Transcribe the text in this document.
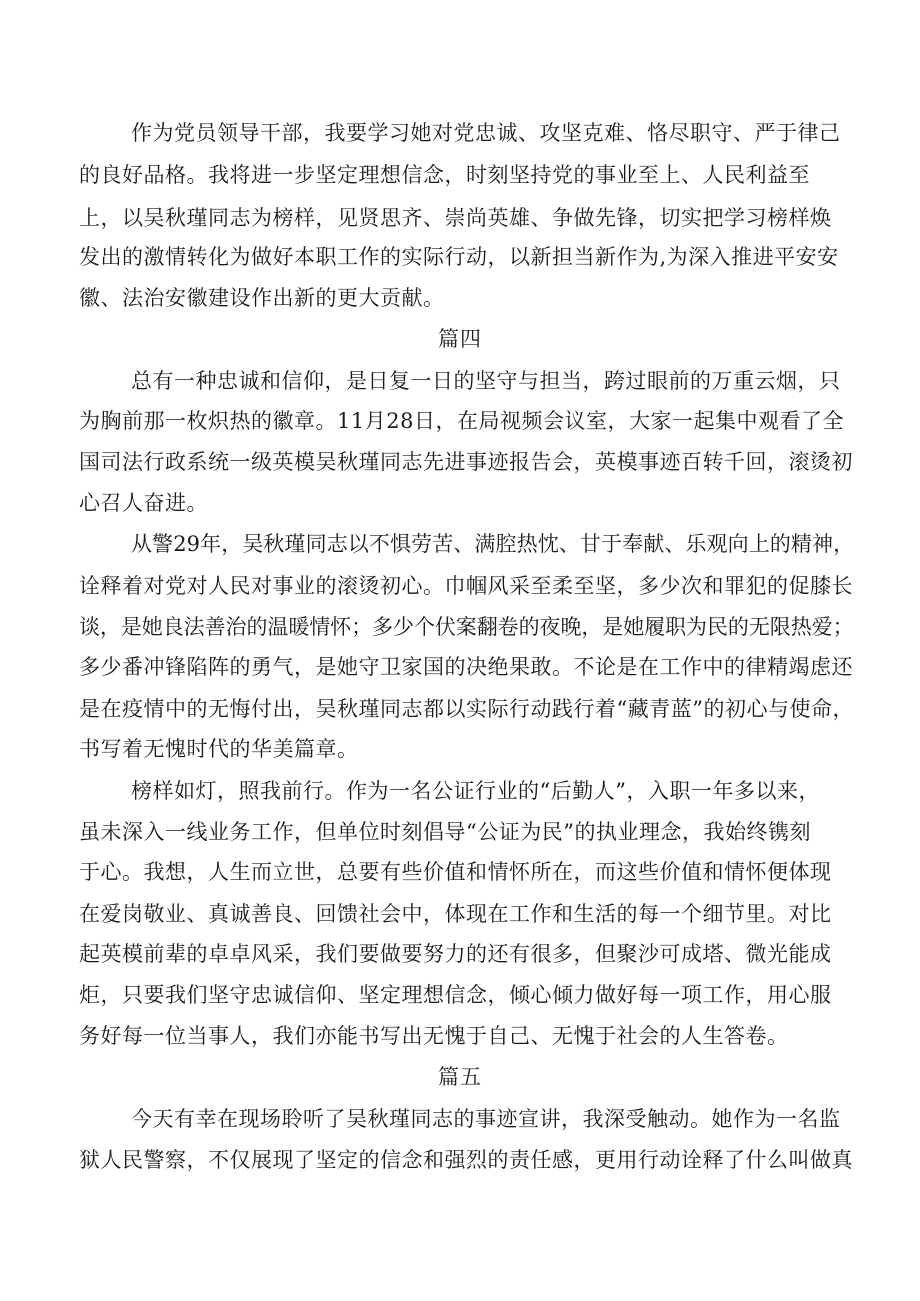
作为党员领导干部，我要学习她对党忠诚、攻坚克难、恪尽职守、严于律己
的良好品格。我将进一步坚定理想信念，时刻坚持党的事业至上、人民利益至
上，以吴秋瑾同志为榜样，见贤思齐、崇尚英雄、争做先锋，切实把学习榜样焕
发出的激情转化为做好本职工作的实际行动，以新担当新作为,为深入推进平安安
徽、法治安徽建设作出新的更大贡献。
篇四
总有一种忠诚和信仰，是日复一日的坚守与担当，跨过眼前的万重云烟，只
为胸前那一枚炽热的徽章。11月28日，在局视频会议室，大家一起集中观看了全
国司法行政系统一级英模吴秋瑾同志先进事迹报告会，英模事迹百转千回，滚烫初
心召人奋进。
从警29年，吴秋瑾同志以不惧劳苦、满腔热忱、甘于奉献、乐观向上的精神，
诠释着对党对人民对事业的滚烫初心。巾帼风采至柔至坚，多少次和罪犯的促膝长
谈，是她良法善治的温暖情怀；多少个伏案翻卷的夜晚，是她履职为民的无限热爱；
多少番冲锋陷阵的勇气，是她守卫家国的决绝果敢。不论是在工作中的律精竭虑还
是在疫情中的无悔付出，吴秋瑾同志都以实际行动践行着“藏青蓝”的初心与使命，
书写着无愧时代的华美篇章。
榜样如灯，照我前行。作为一名公证行业的“后勤人”，入职一年多以来，
虽未深入一线业务工作，但单位时刻倡导“公证为民”的执业理念，我始终镌刻
于心。我想，人生而立世，总要有些价值和情怀所在，而这些价值和情怀便体现
在爱岗敬业、真诚善良、回馈社会中，体现在工作和生活的每一个细节里。对比
起英模前辈的卓卓风采，我们要做要努力的还有很多，但聚沙可成塔、微光能成
炬，只要我们坚守忠诚信仰、坚定理想信念，倾心倾力做好每一项工作，用心服
务好每一位当事人，我们亦能书写出无愧于自己、无愧于社会的人生答卷。
篇五
今天有幸在现场聆听了吴秋瑾同志的事迹宣讲，我深受触动。她作为一名监
狱人民警察，不仅展现了坚定的信念和强烈的责任感，更用行动诠释了什么叫做真
